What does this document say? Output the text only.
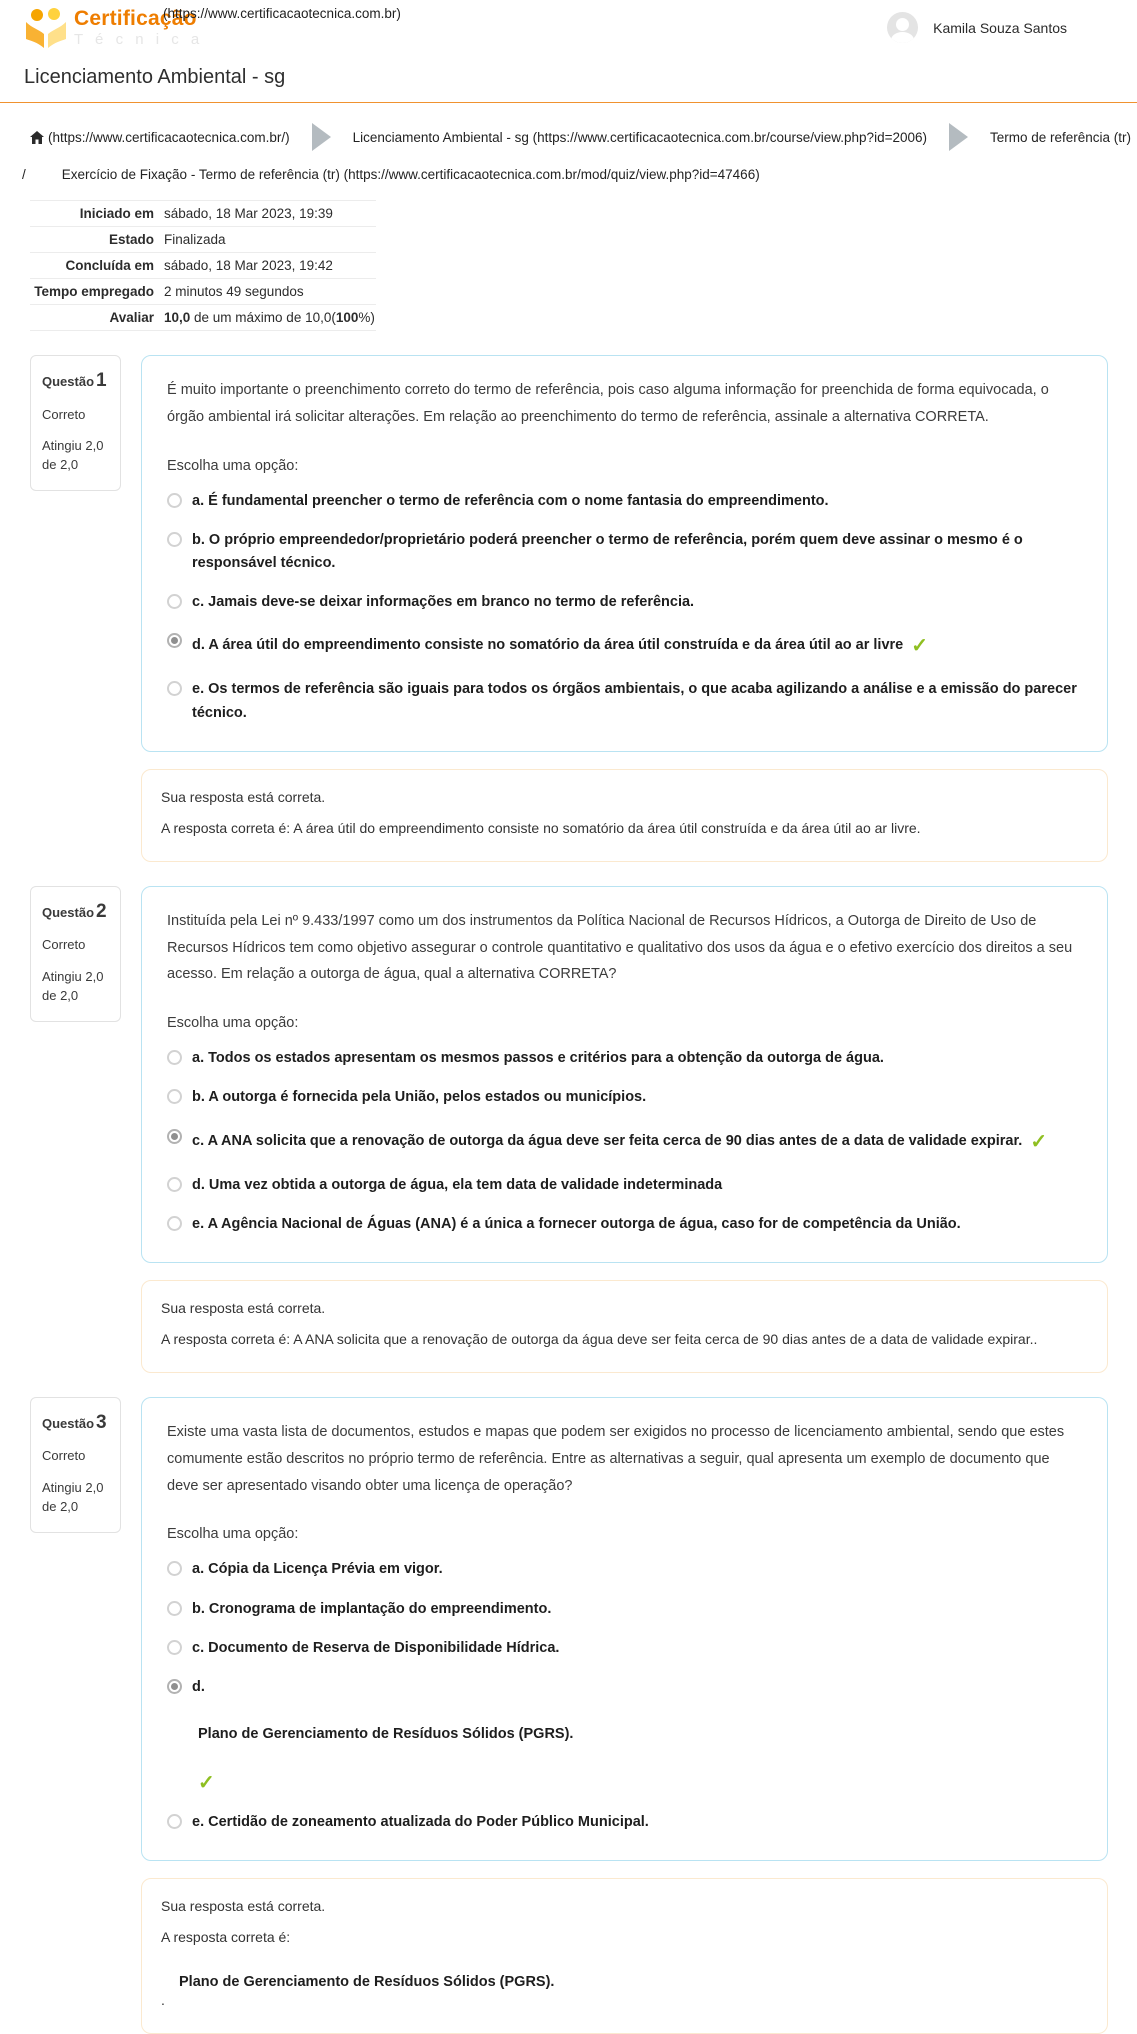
Certificação
T é c n i c a
(https://www.certificacaotecnica.com.br)
Kamila Souza Santos
Licenciamento Ambiental - sg
(https://www.certificacaotecnica.com.br/)	Licenciamento Ambiental - sg (https://www.certificacaotecnica.com.br/course/view.php?id=2006)	Termo de referência (tr)
/	Exercício de Fixação - Termo de referência (tr) (https://www.certificacaotecnica.com.br/mod/quiz/view.php?id=47466)
Iniciado em	sábado, 18 Mar 2023, 19:39
Estado	Finalizada
Concluída em	sábado, 18 Mar 2023, 19:42
Tempo empregado	2 minutos 49 segundos
Avaliar	10,0 de um máximo de 10,0(100%)
Questão 1
Correto
Atingiu 2,0 de 2,0
É muito importante o preenchimento correto do termo de referência, pois caso alguma informação for preenchida de forma equivocada, o órgão ambiental irá solicitar alterações. Em relação ao preenchimento do termo de referência, assinale a alternativa CORRETA.
Escolha uma opção:
a. É fundamental preencher o termo de referência com o nome fantasia do empreendimento.
b. O próprio empreendedor/proprietário poderá preencher o termo de referência, porém quem deve assinar o mesmo é o responsável técnico.
c. Jamais deve-se deixar informações em branco no termo de referência.
d. A área útil do empreendimento consiste no somatório da área útil construída e da área útil ao ar livre✓
e. Os termos de referência são iguais para todos os órgãos ambientais, o que acaba agilizando a análise e a emissão do parecer técnico.

Sua resposta está correta.

A resposta correta é: A área útil do empreendimento consiste no somatório da área útil construída e da área útil ao ar livre.

Questão 2
Correto
Atingiu 2,0 de 2,0
Instituída pela Lei nº 9.433/1997 como um dos instrumentos da Política Nacional de Recursos Hídricos, a Outorga de Direito de Uso de Recursos Hídricos tem como objetivo assegurar o controle quantitativo e qualitativo dos usos da água e o efetivo exercício dos direitos a seu acesso. Em relação a outorga de água, qual a alternativa CORRETA?
Escolha uma opção:
a. Todos os estados apresentam os mesmos passos e critérios para a obtenção da outorga de água.
b. A outorga é fornecida pela União, pelos estados ou municípios.
c. A ANA solicita que a renovação de outorga da água deve ser feita cerca de 90 dias antes de a data de validade expirar.✓
d. Uma vez obtida a outorga de água, ela tem data de validade indeterminada
e. A Agência Nacional de Águas (ANA) é a única a fornecer outorga de água, caso for de competência da União.

Sua resposta está correta.

A resposta correta é: A ANA solicita que a renovação de outorga da água deve ser feita cerca de 90 dias antes de a data de validade expirar..

Questão 3
Correto
Atingiu 2,0 de 2,0
Existe uma vasta lista de documentos, estudos e mapas que podem ser exigidos no processo de licenciamento ambiental, sendo que estes comumente estão descritos no próprio termo de referência. Entre as alternativas a seguir, qual apresenta um exemplo de documento que deve ser apresentado visando obter uma licença de operação?
Escolha uma opção:
a. Cópia da Licença Prévia em vigor.
b. Cronograma de implantação do empreendimento.
c. Documento de Reserva de Disponibilidade Hídrica.
d.
Plano de Gerenciamento de Resíduos Sólidos (PGRS).
✓
e. Certidão de zoneamento atualizada do Poder Público Municipal.

Sua resposta está correta.

A resposta correta é:

Plano de Gerenciamento de Resíduos Sólidos (PGRS).

.
